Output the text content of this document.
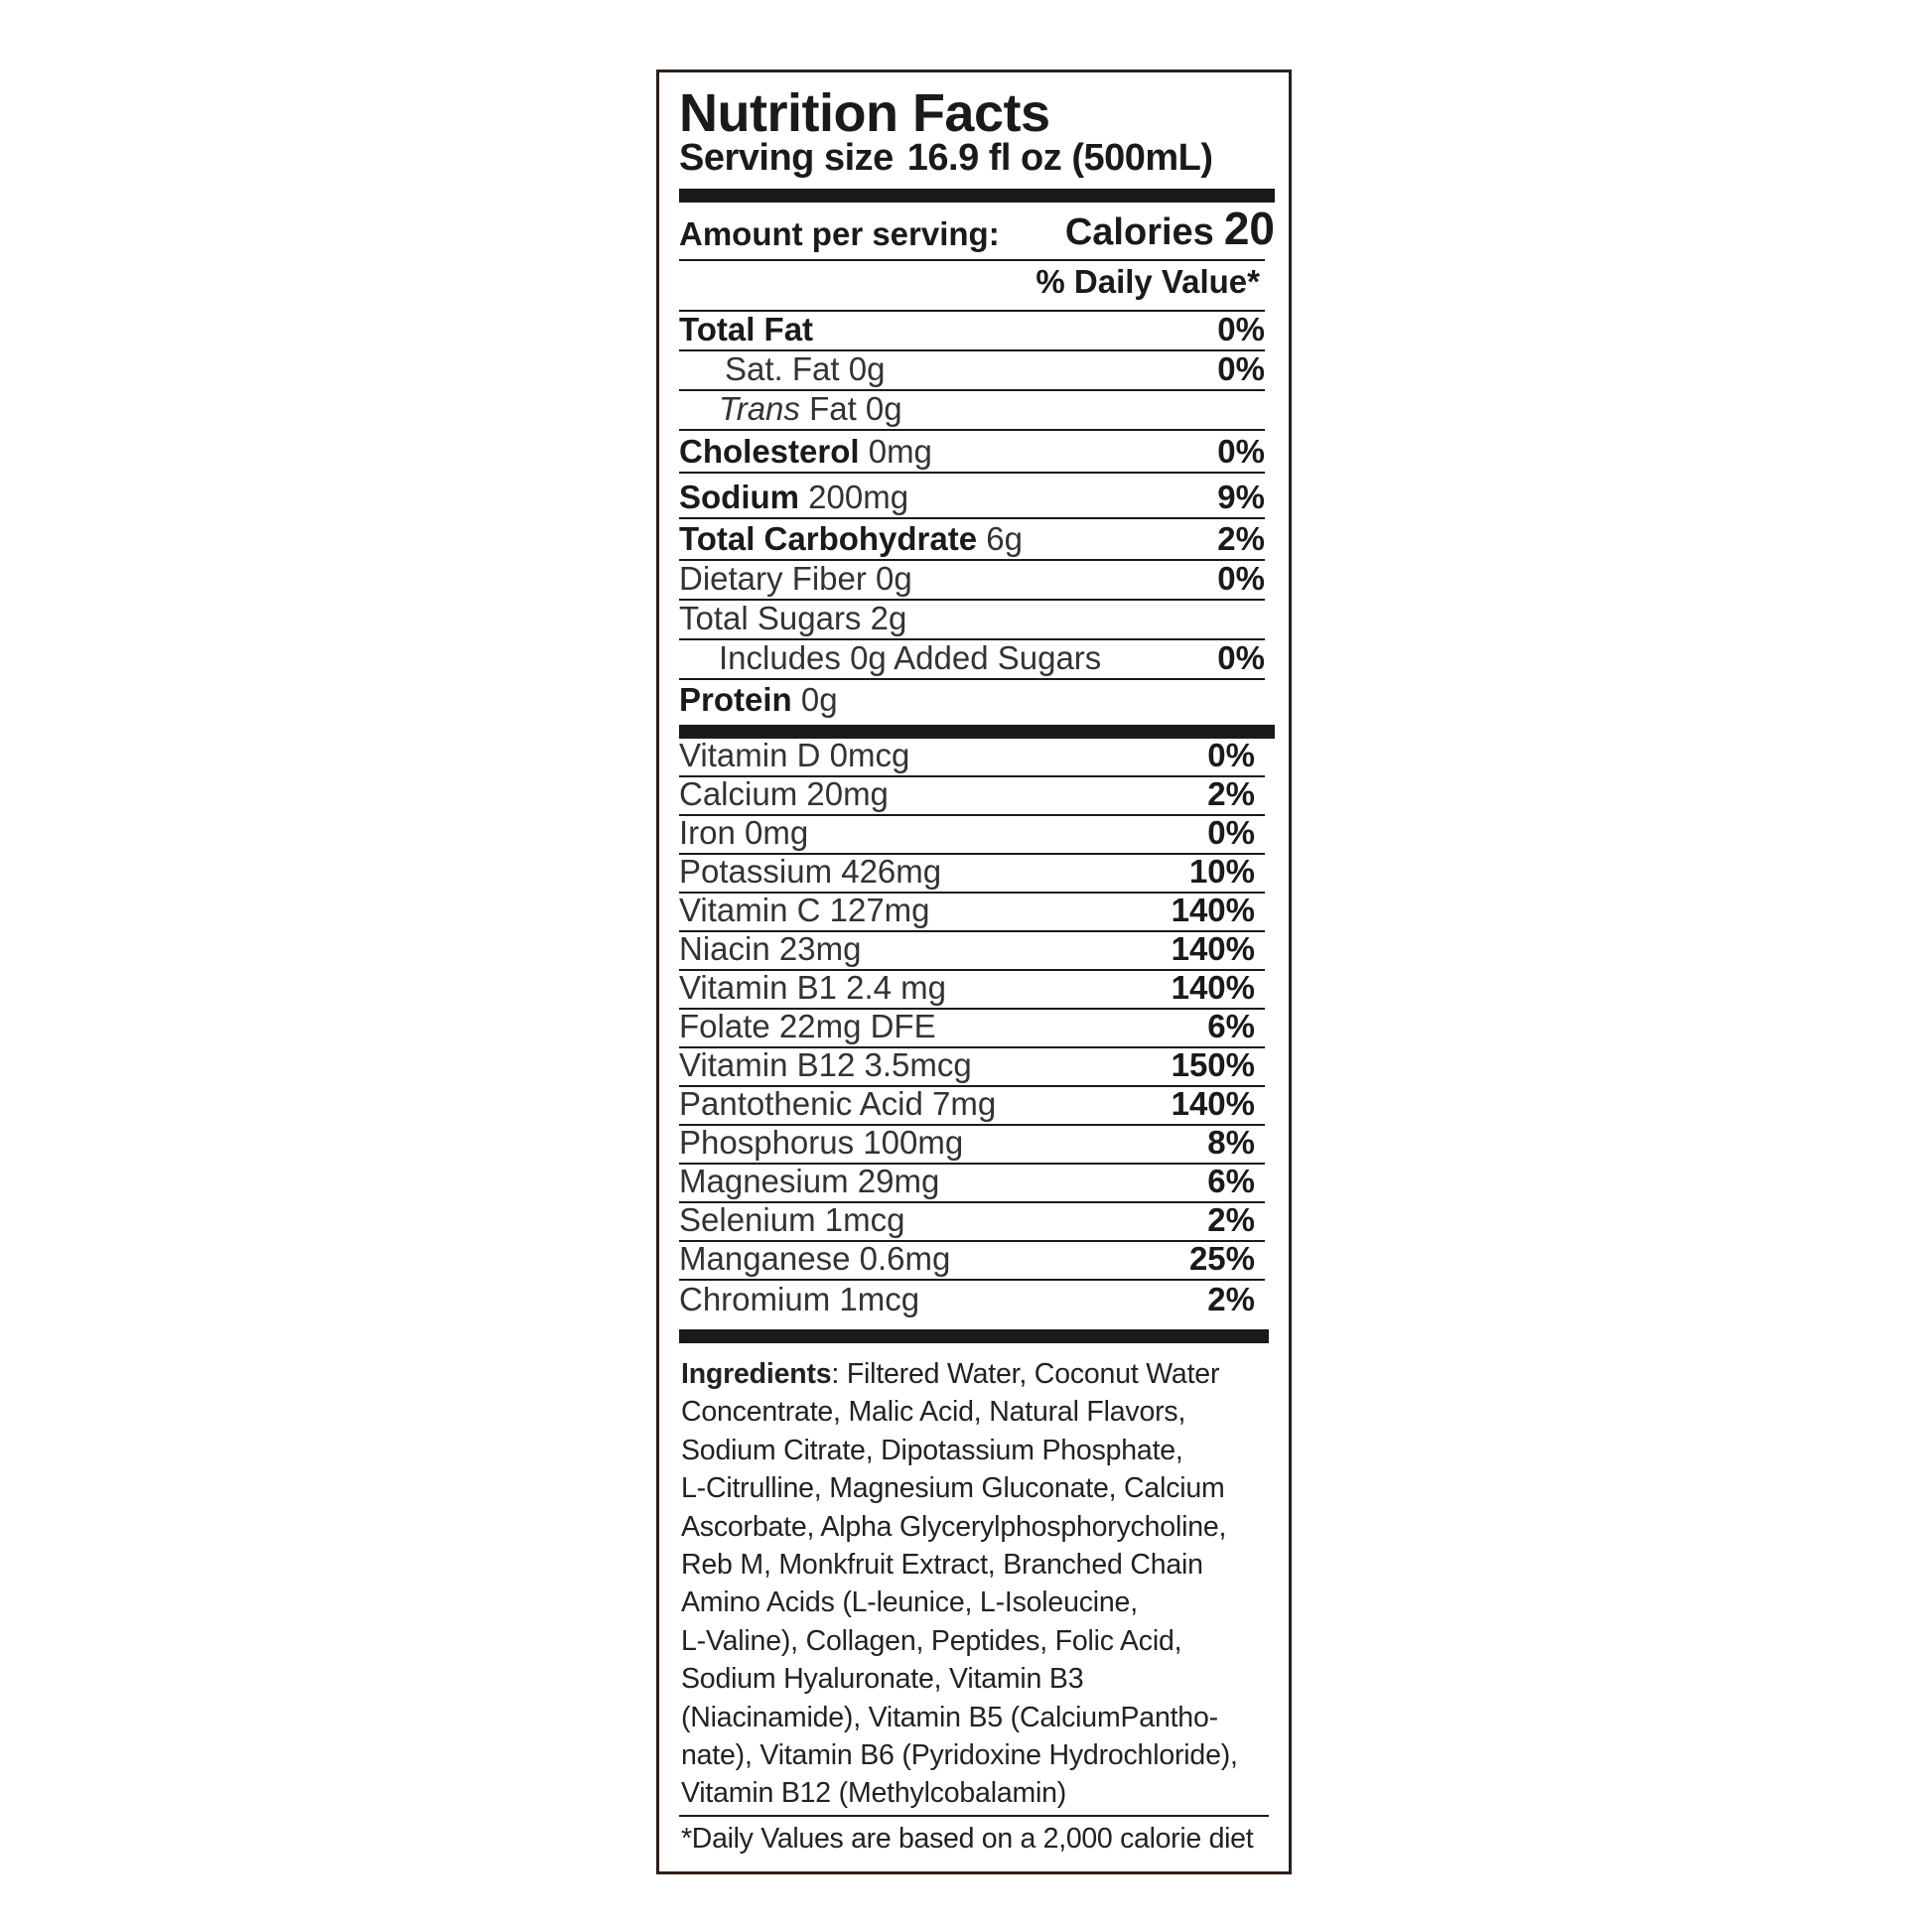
Nutrition Facts
Serving size 16.9 fl oz (500mL)
Amount per serving: Calories 20
% Daily Value*
Total Fat	0%
Sat. Fat 0g	0%
Trans Fat 0g
Cholesterol 0mg	0%
Sodium 200mg	9%
Total Carbohydrate 6g	2%
Dietary Fiber 0g	0%
Total Sugars 2g
Includes 0g Added Sugars	0%
Protein 0g
Vitamin D 0mcg	0%
Calcium 20mg	2%
Iron 0mg	0%
Potassium 426mg	10%
Vitamin C 127mg	140%
Niacin 23mg	140%
Vitamin B1 2.4 mg	140%
Folate 22mg DFE	6%
Vitamin B12 3.5mcg	150%
Pantothenic Acid 7mg	140%
Phosphorus 100mg	8%
Magnesium 29mg	6%
Selenium 1mcg	2%
Manganese 0.6mg	25%
Chromium 1mcg	2%
Ingredients: Filtered Water, Coconut Water
Concentrate, Malic Acid, Natural Flavors,
Sodium Citrate, Dipotassium Phosphate,
L-Citrulline, Magnesium Gluconate, Calcium
Ascorbate, Alpha Glycerylphosphorycholine,
Reb M, Monkfruit Extract, Branched Chain
Amino Acids (L-leunice, L-Isoleucine,
L-Valine), Collagen, Peptides, Folic Acid,
Sodium Hyaluronate, Vitamin B3
(Niacinamide), Vitamin B5 (CalciumPantho-
nate), Vitamin B6 (Pyridoxine Hydrochloride),
Vitamin B12 (Methylcobalamin)
*Daily Values are based on a 2,000 calorie diet
